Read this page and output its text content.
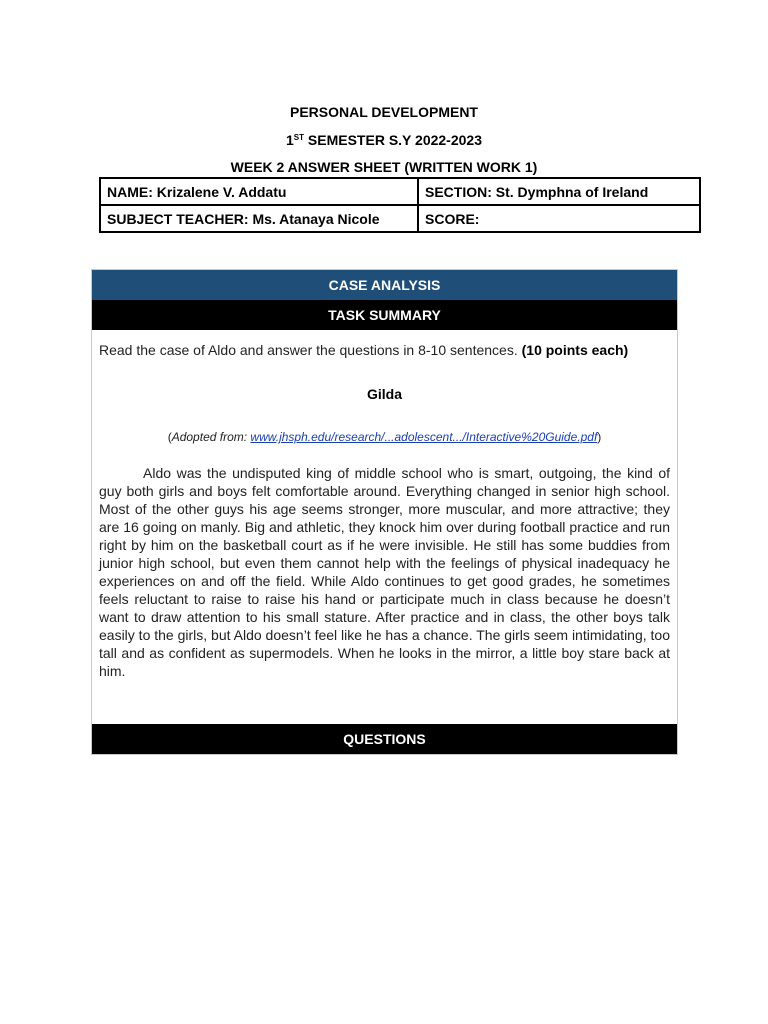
PERSONAL DEVELOPMENT
1ST SEMESTER S.Y 2022-2023
WEEK 2 ANSWER SHEET (WRITTEN WORK 1)
NAME: Krizalene V. Addatu	SECTION: St. Dymphna of Ireland
SUBJECT TEACHER: Ms. Atanaya Nicole	SCORE:
CASE ANALYSIS
TASK SUMMARY
Read the case of Aldo and answer the questions in 8-10 sentences. (10 points each)
Gilda
(Adopted from: www.jhsph.edu/research/...adolescent.../Interactive%20Guide.pdf)

Aldo was the undisputed king of middle school who is smart, outgoing, the kind of guy both girls and boys felt comfortable around. Everything changed in senior high school. Most of the other guys his age seems stronger, more muscular, and more attractive; they are 16 going on manly. Big and athletic, they knock him over during football practice and run right by him on the basketball court as if he were invisible. He still has some buddies from junior high school, but even them cannot help with the feelings of physical inadequacy he experiences on and off the field. While Aldo continues to get good grades, he sometimes feels reluctant to raise to raise his hand or participate much in class because he doesn’t want to draw attention to his small stature. After practice and in class, the other boys talk easily to the girls, but Aldo doesn’t feel like he has a chance. The girls seem intimidating, too tall and as confident as supermodels. When he looks in the mirror, a little boy stare back at him.

QUESTIONS
